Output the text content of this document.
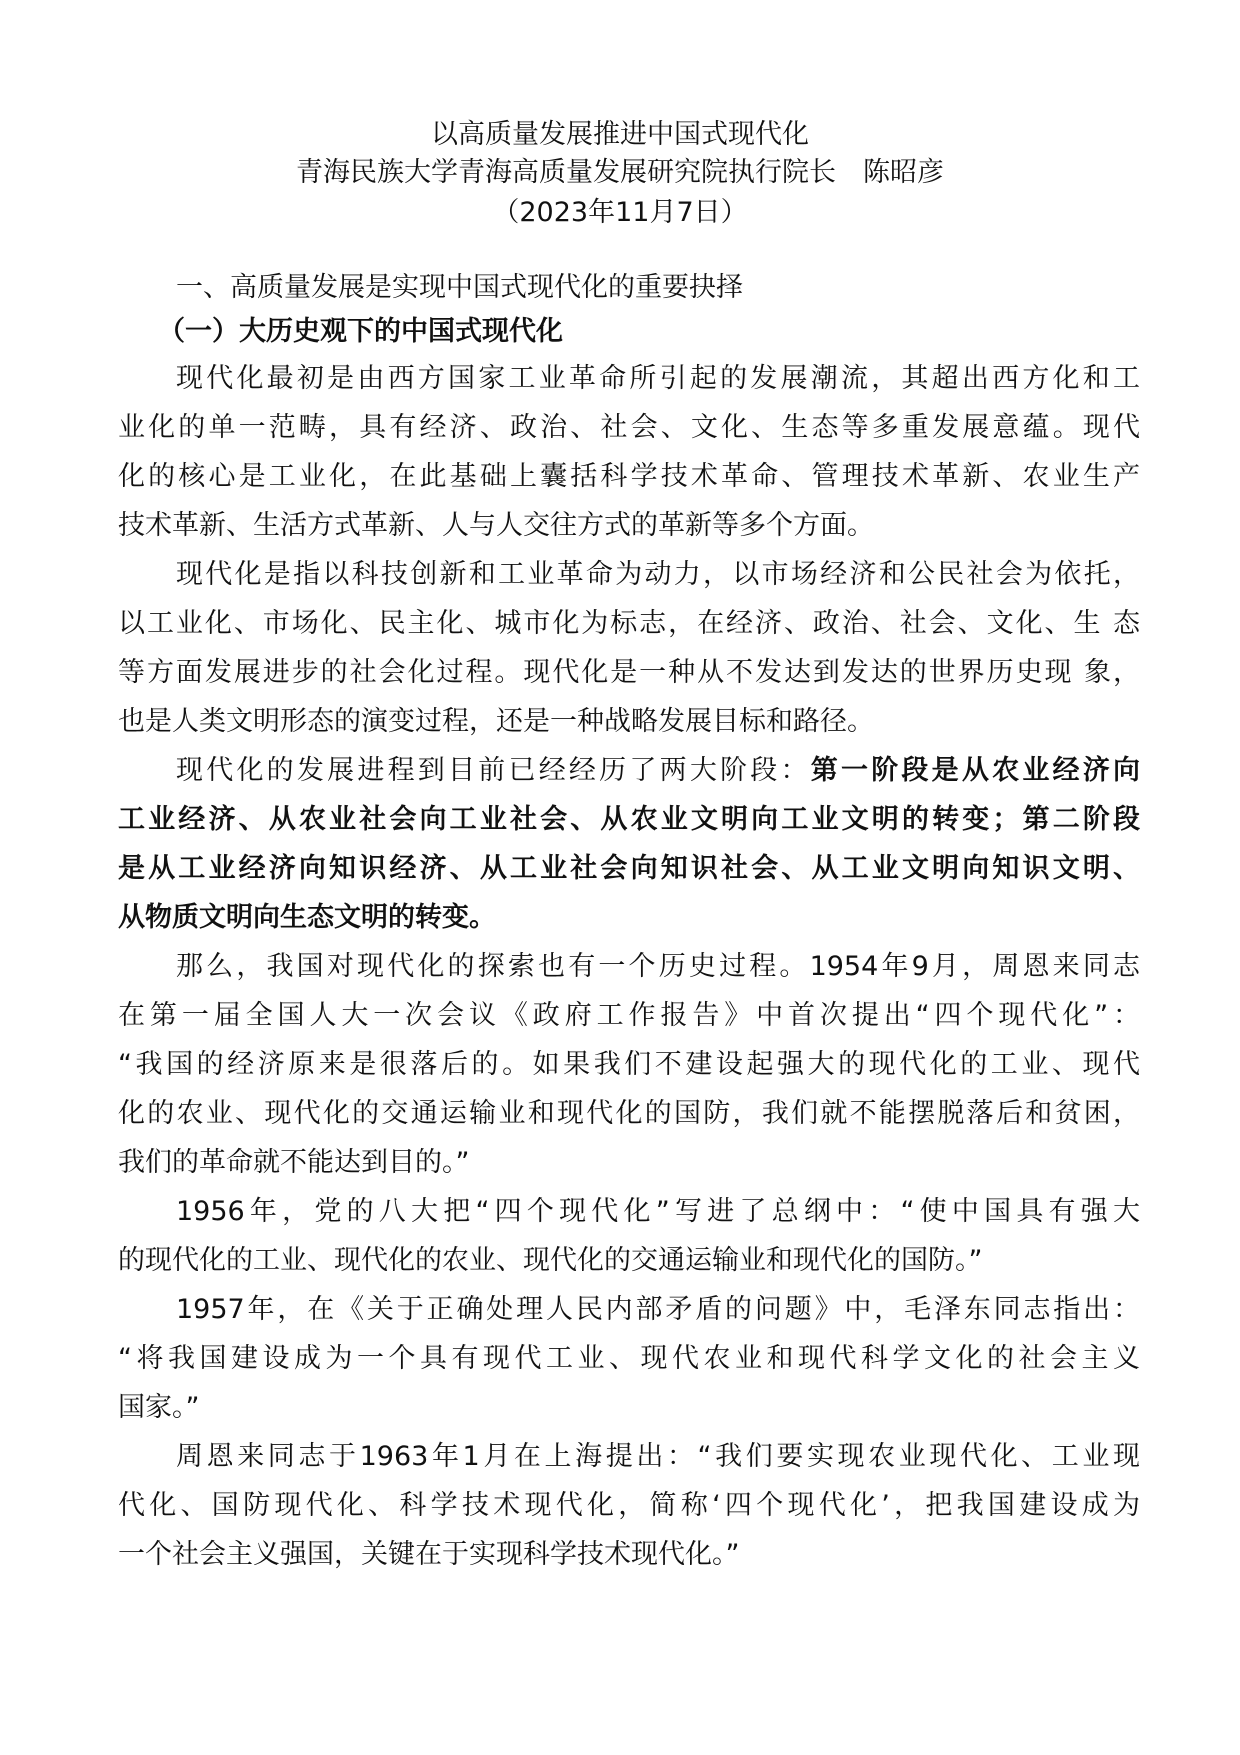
以高质量发展推进中国式现代化
青海民族大学青海高质量发展研究院执行院长　陈昭彦
（2023年11月7日）
一、高质量发展是实现中国式现代化的重要抉择
（一）大历史观下的中国式现代化
现代化最初是由西方国家工业革命所引起的发展潮流，其超出西方化和工
业化的单一范畴，具有经济、政治、社会、文化、生态等多重发展意蕴。现代
化的核心是工业化，在此基础上囊括科学技术革命、管理技术革新、农业生产
技术革新、生活方式革新、人与人交往方式的革新等多个方面。
现代化是指以科技创新和工业革命为动力，以市场经济和公民社会为依托，
以工业化、市场化、民主化、城市化为标志，在经济、政治、社会、文化、生 态
等方面发展进步的社会化过程。现代化是一种从不发达到发达的世界历史现 象，
也是人类文明形态的演变过程，还是一种战略发展目标和路径。
现代化的发展进程到目前已经经历了两大阶段：第一阶段是从农业经济向
工业经济、从农业社会向工业社会、从农业文明向工业文明的转变；第二阶段
是从工业经济向知识经济、从工业社会向知识社会、从工业文明向知识文明、
从物质文明向生态文明的转变。
那么，我国对现代化的探索也有一个历史过程。1954年9月，周恩来同志
在第一届全国人大一次会议《政府工作报告》中首次提出“四个现代化”：
“我国的经济原来是很落后的。如果我们不建设起强大的现代化的工业、现代
化的农业、现代化的交通运输业和现代化的国防，我们就不能摆脱落后和贫困，
我们的革命就不能达到目的。”
1956年，党的八大把“四个现代化”写进了总纲中：“使中国具有强大
的现代化的工业、现代化的农业、现代化的交通运输业和现代化的国防。”
1957年，在《关于正确处理人民内部矛盾的问题》中，毛泽东同志指出：
“将我国建设成为一个具有现代工业、现代农业和现代科学文化的社会主义
国家。”
周恩来同志于1963年1月在上海提出：“我们要实现农业现代化、工业现
代化、国防现代化、科学技术现代化，简称‘四个现代化’，把我国建设成为
一个社会主义强国，关键在于实现科学技术现代化。”
